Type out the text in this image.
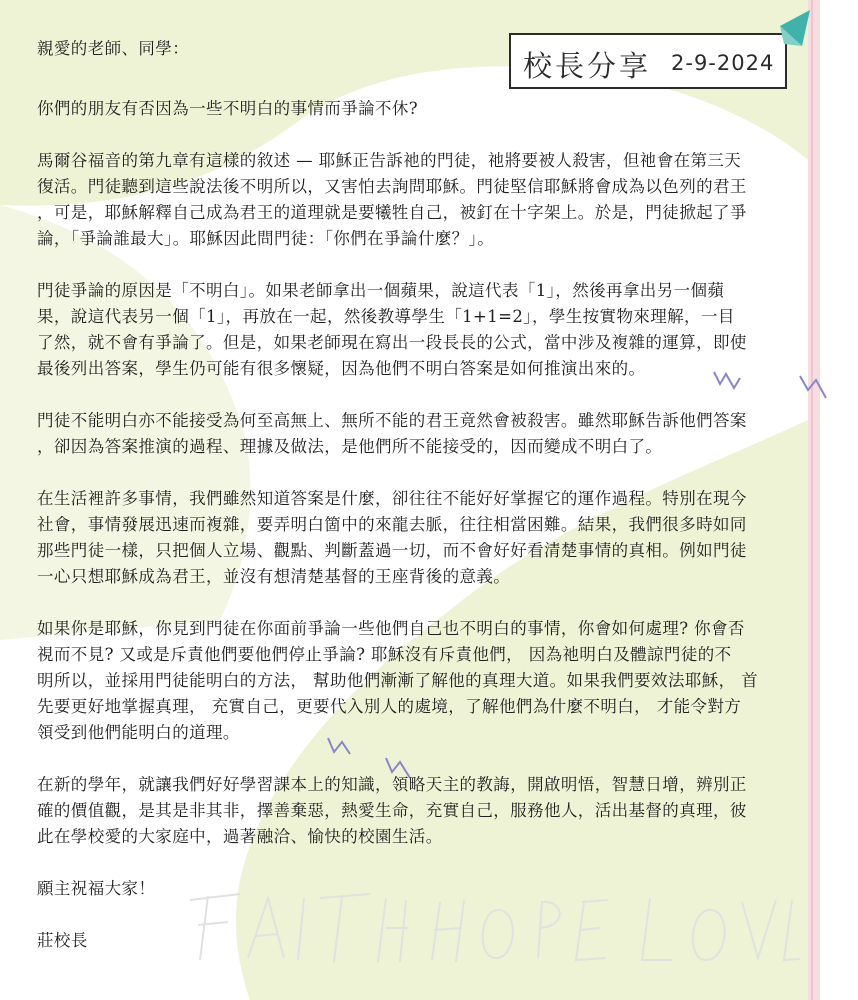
校長分享 2-9-2024

親愛的老師、同學：

你們的朋友有否因為一些不明白的事情而爭論不休?

馬爾谷福音的第九章有這樣的敘述 — 耶穌正告訴祂的門徒，祂將要被人殺害，但祂會在第三天
復活。門徒聽到這些說法後不明所以，又害怕去詢問耶穌。門徒堅信耶穌將會成為以色列的君王
，可是，耶穌解釋自己成為君王的道理就是要犧牲自己，被釘在十字架上。於是，門徒掀起了爭
論，「爭論誰最大」。耶穌因此問門徒：「你們在爭論什麼？」。

門徒爭論的原因是「不明白」。如果老師拿出一個蘋果，說這代表「1」，然後再拿出另一個蘋
果，說這代表另一個「1」，再放在一起，然後教導學生「1+1=2」，學生按實物來理解，一目
了然，就不會有爭論了。但是，如果老師現在寫出一段長長的公式，當中涉及複雜的運算，即使
最後列出答案，學生仍可能有很多懷疑，因為他們不明白答案是如何推演出來的。

門徒不能明白亦不能接受為何至高無上、無所不能的君王竟然會被殺害。雖然耶穌告訴他們答案
，卻因為答案推演的過程、理據及做法，是他們所不能接受的，因而變成不明白了。

在生活裡許多事情，我們雖然知道答案是什麼，卻往往不能好好掌握它的運作過程。特別在現今
社會，事情發展迅速而複雜，要弄明白箇中的來龍去脈，往往相當困難。結果，我們很多時如同
那些門徒一樣，只把個人立場、觀點、判斷蓋過一切，而不會好好看清楚事情的真相。例如門徒
一心只想耶穌成為君王，並沒有想清楚基督的王座背後的意義。

如果你是耶穌，你見到門徒在你面前爭論一些他們自己也不明白的事情，你會如何處理? 你會否
視而不見? 又或是斥責他們要他們停止爭論? 耶穌沒有斥責他們， 因為祂明白及體諒門徒的不
明所以，並採用門徒能明白的方法， 幫助他們漸漸了解他的真理大道。如果我們要效法耶穌， 首
先要更好地掌握真理， 充實自己，更要代入別人的處境，了解他們為什麼不明白， 才能令對方
領受到他們能明白的道理。

在新的學年，就讓我們好好學習課本上的知識，領略天主的教誨，開啟明悟，智慧日增，辨別正
確的價值觀，是其是非其非，擇善棄惡，熱愛生命，充實自己，服務他人，活出基督的真理，彼
此在學校愛的大家庭中，過著融洽、愉快的校園生活。

願主祝福大家！

莊校長
